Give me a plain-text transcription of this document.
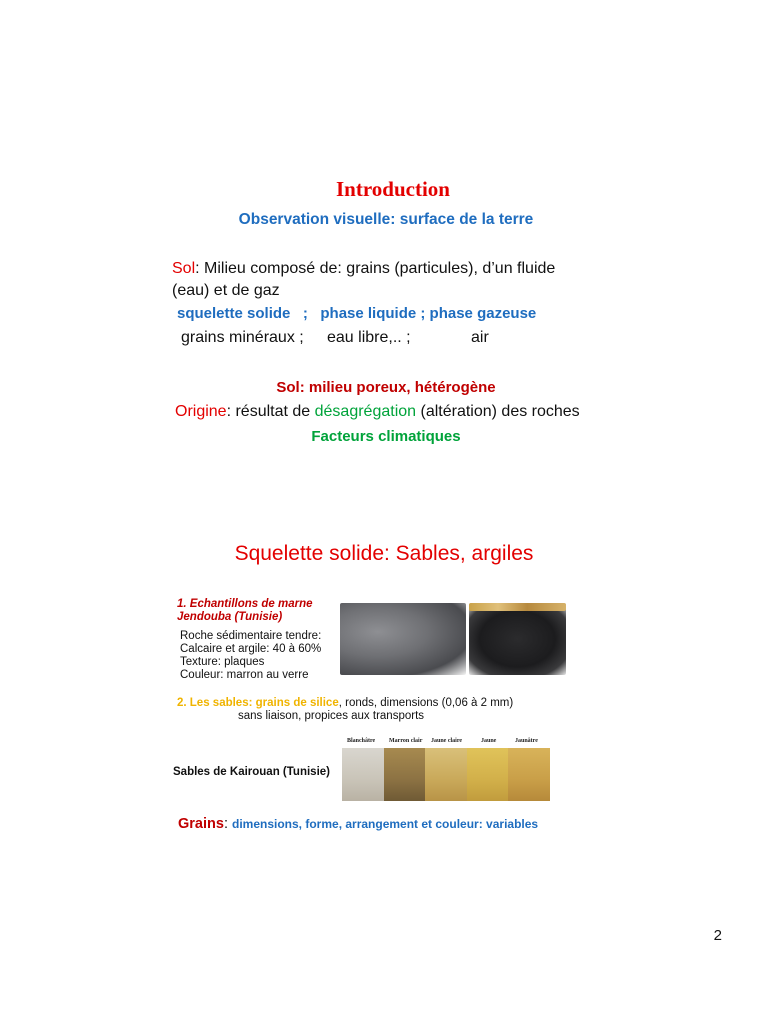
Introduction
Observation visuelle: surface de la terre
Sol: Milieu composé de: grains (particules), d’un fluide
(eau) et de gaz
squelette solide   ;   phase liquide ; phase gazeuse
grains minéraux ; eau libre,.. ;	air
Sol: milieu poreux, hétérogène
Origine: résultat de désagrégation (altération) des roches
Facteurs climatiques
Squelette solide: Sables, argiles
1. Echantillons de marne
Jendouba (Tunisie)
Roche sédimentaire tendre:
Calcaire et argile: 40 à 60%
Texture: plaques
Couleur: marron au verre
2. Les sables: grains de silice, ronds, dimensions (0,06 à 2 mm)
sans liaison, propices aux transports
Blanchâtre Marron clair Jaune claire	Jaune	Jaunâtre
Sables de Kairouan (Tunisie)
Grains: dimensions, forme, arrangement et couleur: variables
2
